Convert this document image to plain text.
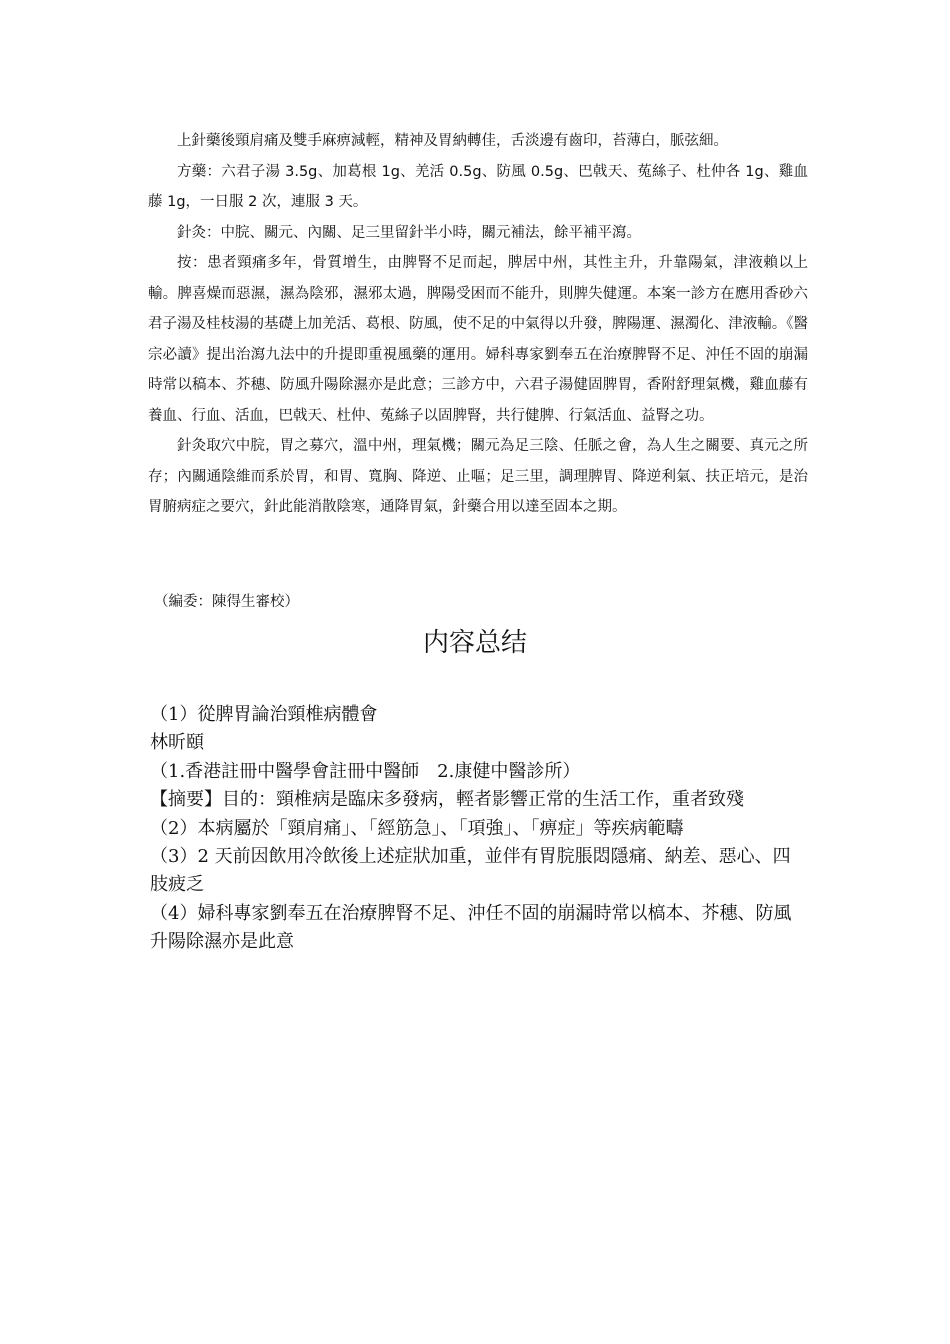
上針藥後頸肩痛及雙手麻痹減輕，精神及胃納轉佳，舌淡邊有齒印，苔薄白，脈弦細。

方藥：六君子湯 3.5g、加葛根 1g、羌活 0.5g、防風 0.5g、巴戟天、菟絲子、杜仲各 1g、雞血藤 1g，一日服 2 次，連服 3 天。

針灸：中脘、關元、內關、足三里留針半小時，關元補法，餘平補平瀉。

按：患者頸痛多年，骨質增生，由脾腎不足而起，脾居中州，其性主升，升靠陽氣，津液賴以上輸。脾喜燥而惡濕，濕為陰邪，濕邪太過，脾陽受困而不能升，則脾失健運。本案一診方在應用香砂六君子湯及桂枝湯的基礎上加羌活、葛根、防風，使不足的中氣得以升發，脾陽運、濕濁化、津液輸。《醫宗必讀》提出治瀉九法中的升提即重視風藥的運用。婦科專家劉奉五在治療脾腎不足、沖任不固的崩漏時常以稿本、芥穗、防風升陽除濕亦是此意；三診方中，六君子湯健固脾胃，香附舒理氣機，雞血藤有養血、行血、活血，巴戟天、杜仲、菟絲子以固脾腎，共行健脾、行氣活血、益腎之功。

針灸取穴中脘，胃之募穴，溫中州，理氣機；關元為足三陰、任脈之會，為人生之關要、真元之所存；內關通陰維而系於胃，和胃、寬胸、降逆、止嘔；足三里，調理脾胃、降逆利氣、扶正培元，是治胃腑病症之要穴，針此能消散陰寒，通降胃氣，針藥合用以達至固本之期。

（編委：陳得生審校）
内容总结

（1）從脾胃論治頸椎病體會

林昕頤

（1.香港註冊中醫學會註冊中醫師　2.康健中醫診所）

【摘要】目的：頸椎病是臨床多發病，輕者影響正常的生活工作，重者致殘

（2）本病屬於「頸肩痛」、「經筋急」、「項強」、「痹症」等疾病範疇

（3）2 天前因飲用冷飲後上述症狀加重，並伴有胃脘脹悶隱痛、納差、惡心、四肢疲乏

（4）婦科專家劉奉五在治療脾腎不足、沖任不固的崩漏時常以槁本、芥穗、防風升陽除濕亦是此意
